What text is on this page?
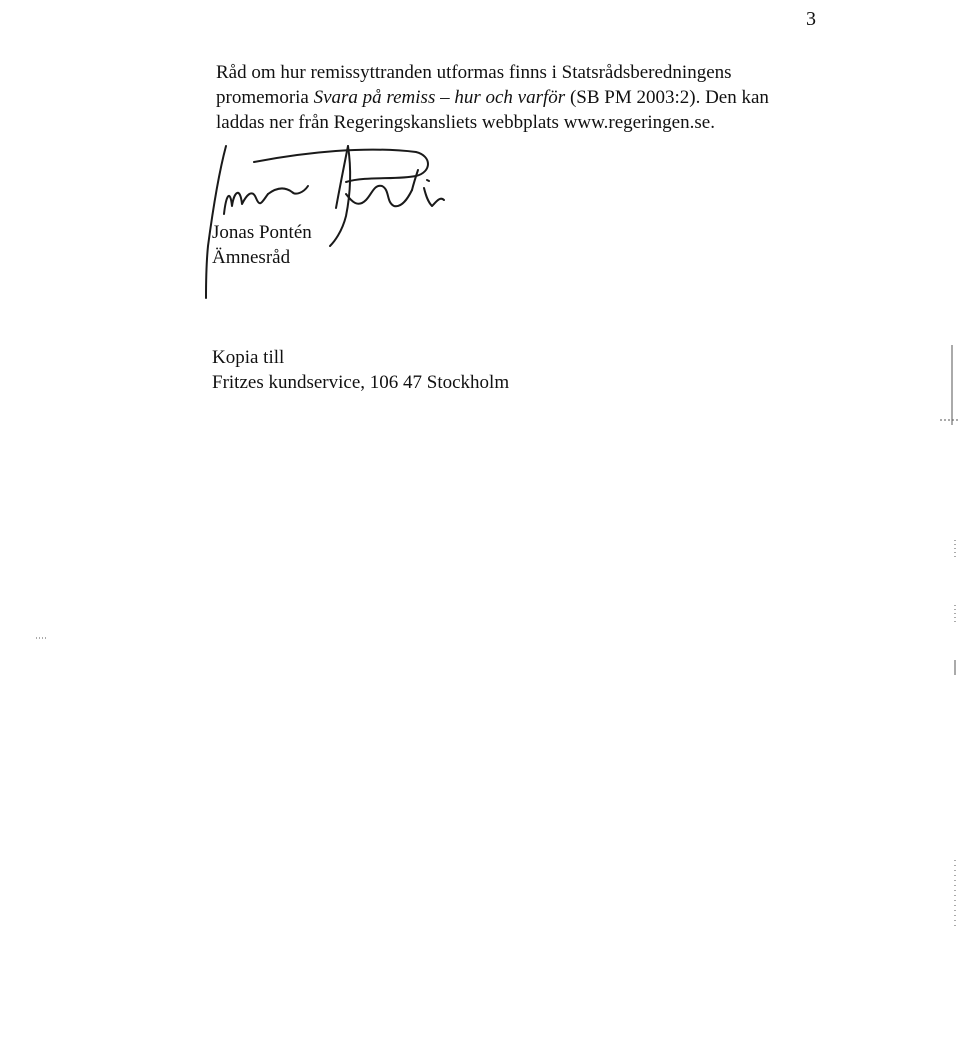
3
Råd om hur remissyttranden utformas finns i Statsrådsberedningens
promemoria Svara på remiss – hur och varför (SB PM 2003:2). Den kan
laddas ner från Regeringskansliets webbplats www.regeringen.se.
Jonas Pontén
Ämnesråd
Kopia till
Fritzes kundservice, 106 47 Stockholm
